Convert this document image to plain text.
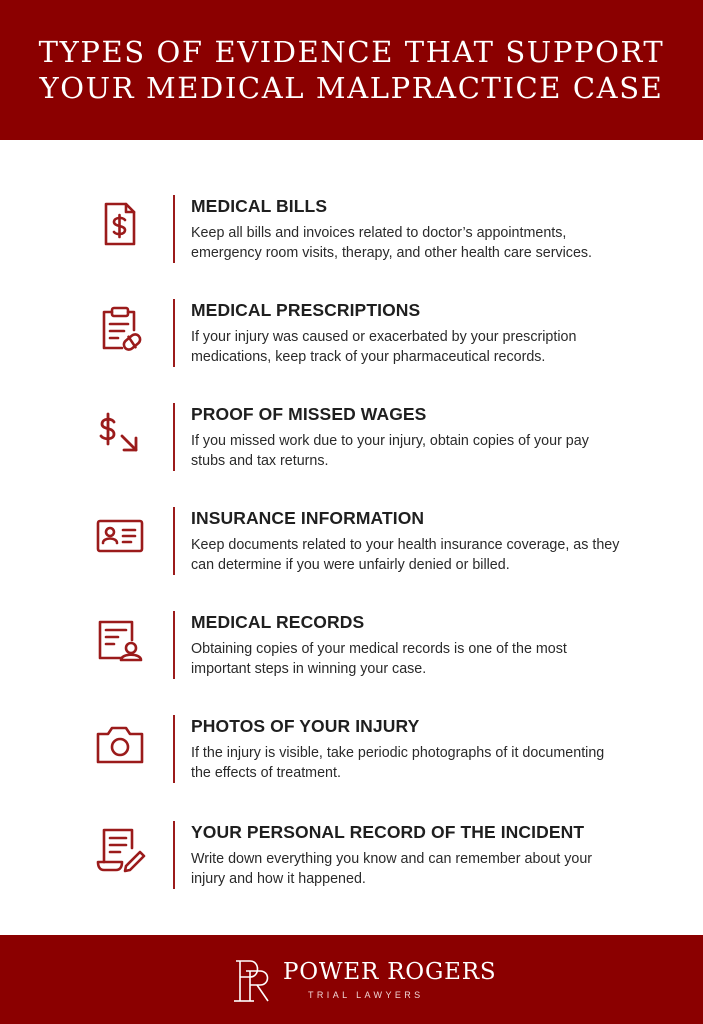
TYPES OF EVIDENCE THAT SUPPORT
YOUR MEDICAL MALPRACTICE CASE
MEDICAL BILLS
Keep all bills and invoices related to doctor’s appointments, emergency room visits, therapy, and other health care services.
MEDICAL PRESCRIPTIONS
If your injury was caused or exacerbated by your prescription medications, keep track of your pharmaceutical records.
PROOF OF MISSED WAGES
If you missed work due to your injury, obtain copies of your pay stubs and tax returns.
INSURANCE INFORMATION
Keep documents related to your health insurance coverage, as they can determine if you were unfairly denied or billed.
MEDICAL RECORDS
Obtaining copies of your medical records is one of the most important steps in winning your case.
PHOTOS OF YOUR INJURY
If the injury is visible, take periodic photographs of it documenting the effects of treatment.
YOUR PERSONAL RECORD OF THE INCIDENT
Write down everything you know and can remember about your injury and how it happened.
POWER ROGERS
TRIAL LAWYERS
